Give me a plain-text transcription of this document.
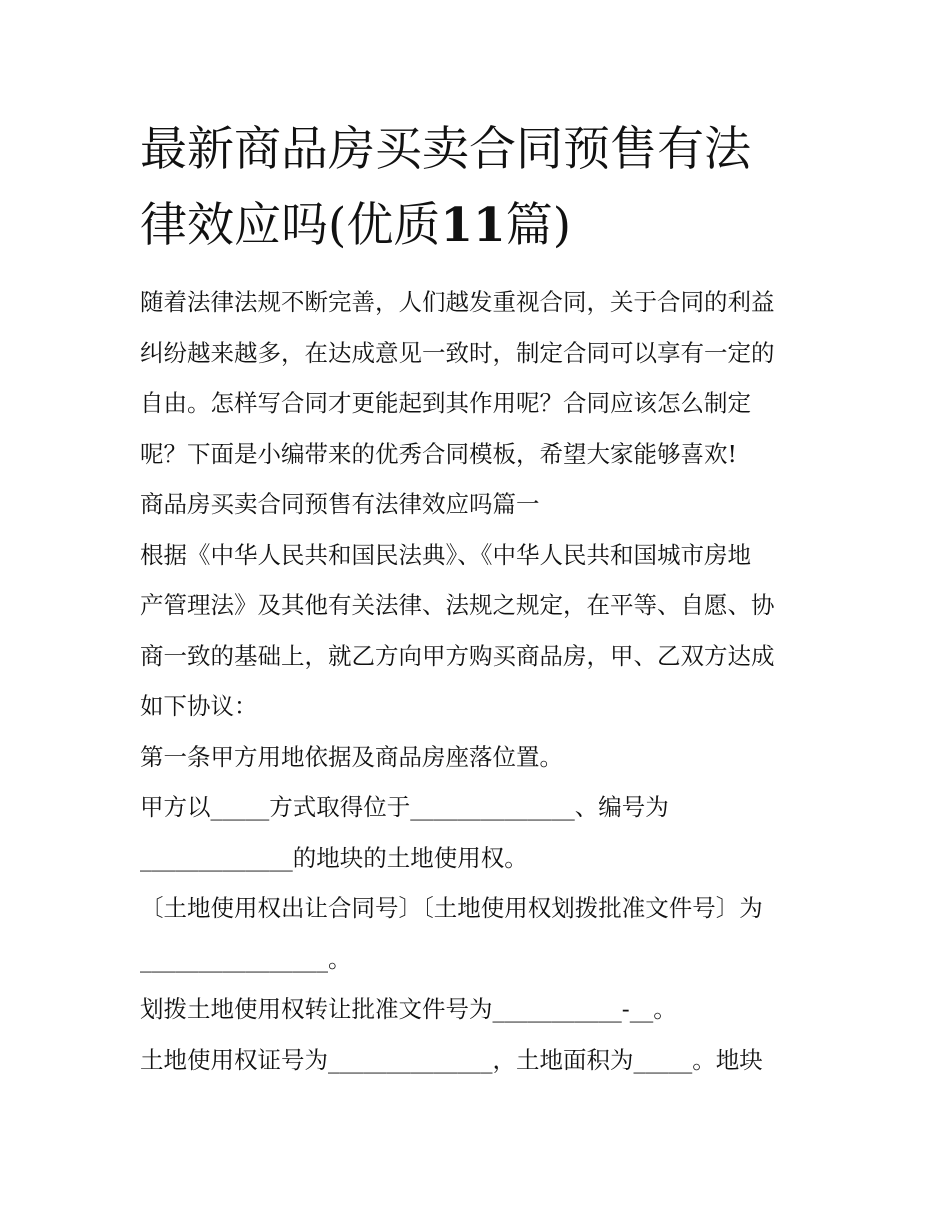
最新商品房买卖合同预售有法
律效应吗(优质11篇)
随着法律法规不断完善，人们越发重视合同，关于合同的利益
纠纷越来越多，在达成意见一致时，制定合同可以享有一定的
自由。怎样写合同才更能起到其作用呢？合同应该怎么制定
呢？下面是小编带来的优秀合同模板，希望大家能够喜欢!
商品房买卖合同预售有法律效应吗篇一
根据《中华人民共和国民法典》、《中华人民共和国城市房地
产管理法》及其他有关法律、法规之规定，在平等、自愿、协
商一致的基础上，就乙方向甲方购买商品房，甲、乙双方达成
如下协议：
第一条甲方用地依据及商品房座落位置。
甲方以_____方式取得位于______________、编号为
_____________的地块的土地使用权。
〔土地使用权出让合同号〕〔土地使用权划拨批准文件号〕为
________________。
划拨土地使用权转让批准文件号为___________-__。
土地使用权证号为______________，土地面积为_____。地块
